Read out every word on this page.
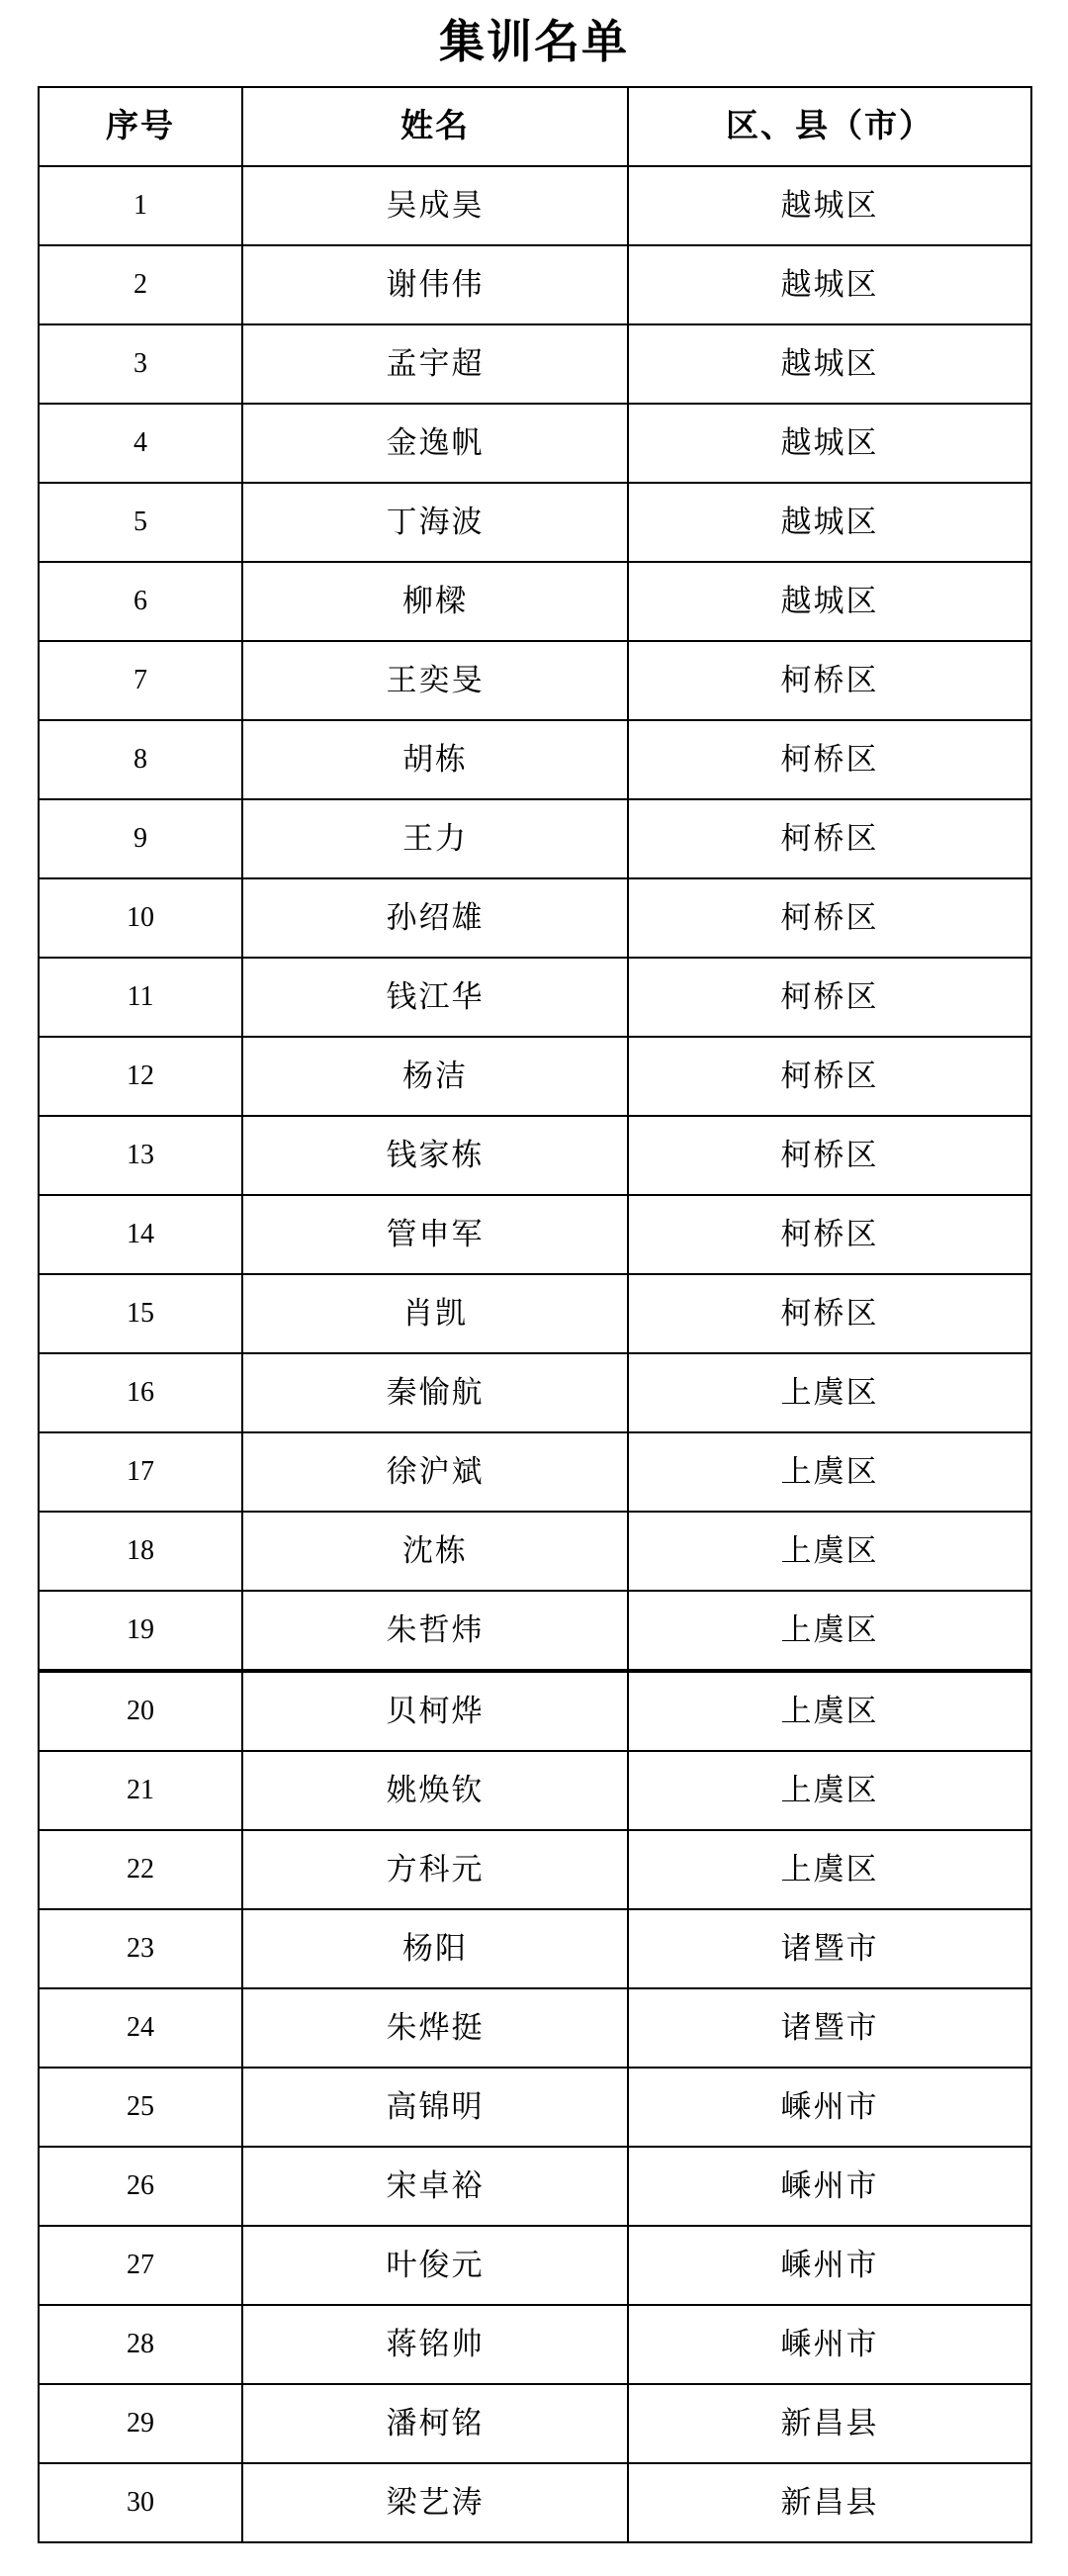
集训名单
序号	姓名	区、县（市）
1	吴成昊	越城区
2	谢伟伟	越城区
3	孟宇超	越城区
4	金逸帆	越城区
5	丁海波	越城区
6	柳樑	越城区
7	王奕旻	柯桥区
8	胡栋	柯桥区
9	王力	柯桥区
10	孙绍雄	柯桥区
11	钱江华	柯桥区
12	杨洁	柯桥区
13	钱家栋	柯桥区
14	管申军	柯桥区
15	肖凯	柯桥区
16	秦愉航	上虞区
17	徐沪斌	上虞区
18	沈栋	上虞区
19	朱哲炜	上虞区
20	贝柯烨	上虞区
21	姚焕钦	上虞区
22	方科元	上虞区
23	杨阳	诸暨市
24	朱烨挺	诸暨市
25	高锦明	嵊州市
26	宋卓裕	嵊州市
27	叶俊元	嵊州市
28	蒋铭帅	嵊州市
29	潘柯铭	新昌县
30	梁艺涛	新昌县
